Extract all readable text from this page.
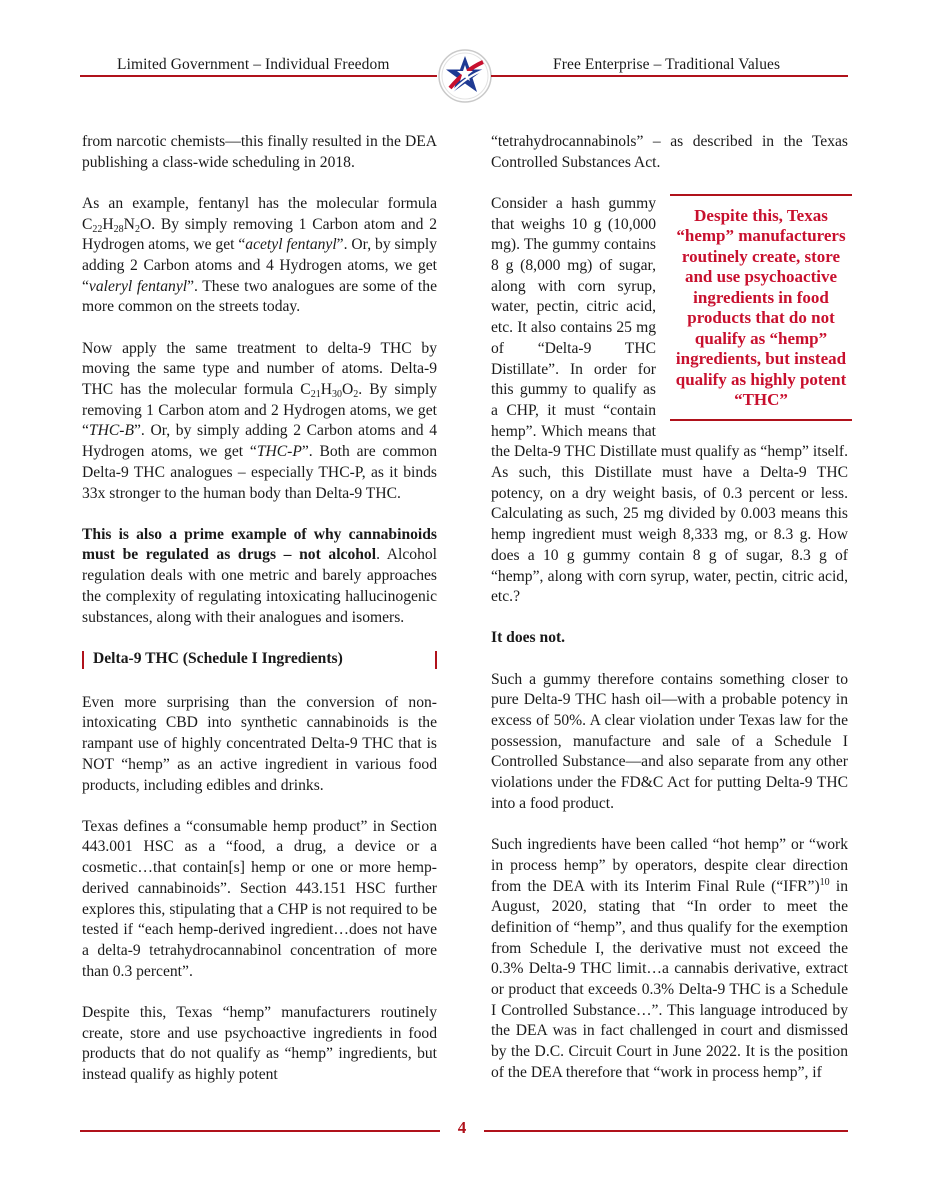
Limited Government – Individual Freedom	Free Enterprise – Traditional Values

from narcotic chemists—this finally resulted in the DEA publishing a class-wide scheduling in 2018.

As an example, fentanyl has the molecular formula $C_{22}H_{28}N_2O$. By simply removing 1 Carbon atom and 2 Hydrogen atoms, we get “acetyl fentanyl”. Or, by simply adding 2 Carbon atoms and 4 Hydrogen atoms, we get “valeryl fentanyl”. These two analogues are some of the more common on the streets today.

Now apply the same treatment to delta-9 THC by moving the same type and number of atoms. Delta-9 THC has the molecular formula $C_{21}H_{30}O_2$. By simply removing 1 Carbon atom and 2 Hydrogen atoms, we get “THC-B”. Or, by simply adding 2 Carbon atoms and 4 Hydrogen atoms, we get “THC-P”. Both are common Delta-9 THC analogues – especially THC-P, as it binds 33x stronger to the human body than Delta-9 THC.

This is also a prime example of why cannabinoids must be regulated as drugs – not alcohol. Alcohol regulation deals with one metric and barely approaches the complexity of regulating intoxicating hallucinogenic substances, along with their analogues and isomers.

Delta-9 THC (Schedule I Ingredients)

Even more surprising than the conversion of non-intoxicating CBD into synthetic cannabinoids is the rampant use of highly concentrated Delta-9 THC that is NOT “hemp” as an active ingredient in various food products, including edibles and drinks.

Texas defines a “consumable hemp product” in Section 443.001 HSC as a “food, a drug, a device or a cosmetic…that contain[s] hemp or one or more hemp-derived cannabinoids”. Section 443.151 HSC further explores this, stipulating that a CHP is not required to be tested if “each hemp-derived ingredient…does not have a delta-9 tetrahydrocannabinol concentration of more than 0.3 percent”.

Despite this, Texas “hemp” manufacturers routinely create, store and use psychoactive ingredients in food products that do not qualify as “hemp” ingredients, but instead qualify as highly potent

“tetrahydrocannabinols” – as described in the Texas Controlled Substances Act.

Despite this, Texas “hemp” manufacturers routinely create, store and use psychoactive ingredients in food products that do not qualify as “hemp” ingredients, but instead qualify as highly potent “THC”

Consider a hash gummy that weighs 10 g (10,000 mg). The gummy contains 8 g (8,000 mg) of sugar, along with corn syrup, water, pectin, citric acid, etc. It also contains 25 mg of “Delta-9 THC Distillate”. In order for this gummy to qualify as a CHP, it must “contain hemp”. Which means that the Delta-9 THC Distillate must qualify as “hemp” itself. As such, this Distillate must have a Delta-9 THC potency, on a dry weight basis, of 0.3 percent or less. Calculating as such, 25 mg divided by 0.003 means this hemp ingredient must weigh 8,333 mg, or 8.3 g. How does a 10 g gummy contain 8 g of sugar, 8.3 g of “hemp”, along with corn syrup, water, pectin, citric acid, etc.?

It does not.

Such a gummy therefore contains something closer to pure Delta-9 THC hash oil—with a probable potency in excess of 50%. A clear violation under Texas law for the possession, manufacture and sale of a Schedule I Controlled Substance—and also separate from any other violations under the FD&C Act for putting Delta-9 THC into a food product.

Such ingredients have been called “hot hemp” or “work in process hemp” by operators, despite clear direction from the DEA with its Interim Final Rule (“IFR”)$^{10}$ in August, 2020, stating that “In order to meet the definition of “hemp”, and thus qualify for the exemption from Schedule I, the derivative must not exceed the 0.3% Delta-9 THC limit…a cannabis derivative, extract or product that exceeds 0.3% Delta-9 THC is a Schedule I Controlled Substance…”. This language introduced by the DEA was in fact challenged in court and dismissed by the D.C. Circuit Court in June 2022. It is the position of the DEA therefore that “work in process hemp”, if

4
